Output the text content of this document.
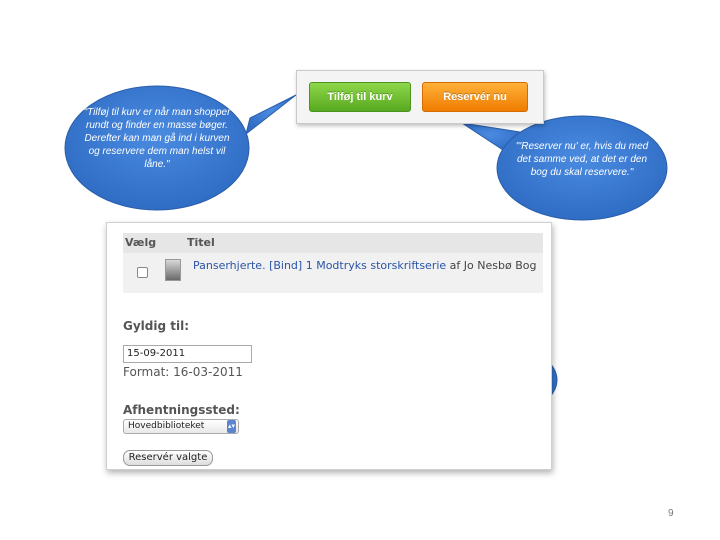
Tilføj til kurv	Reservér nu
Vælg	Titel
Panserhjerte. [Bind] 1 Modtryks storskriftserie af Jo Nesbø Bog
Gyldig til:
15-09-2011
Format: 16-03-2011
Afhentningssted:
Hovedbiblioteket	▴▾
Reservér valgte
"Tilføj til kurv er når man shopper rundt og finder en masse bøger. Derefter kan man gå ind i kurven og reservere dem man helst vil låne."
"'Reserver nu' er, hvis du med det samme ved, at det er den bog du skal reservere."
"Her i kurven kan jeg nu vælge om jeg vil reservere den og hvilke bibliotek jeg vil hente den på."
9
